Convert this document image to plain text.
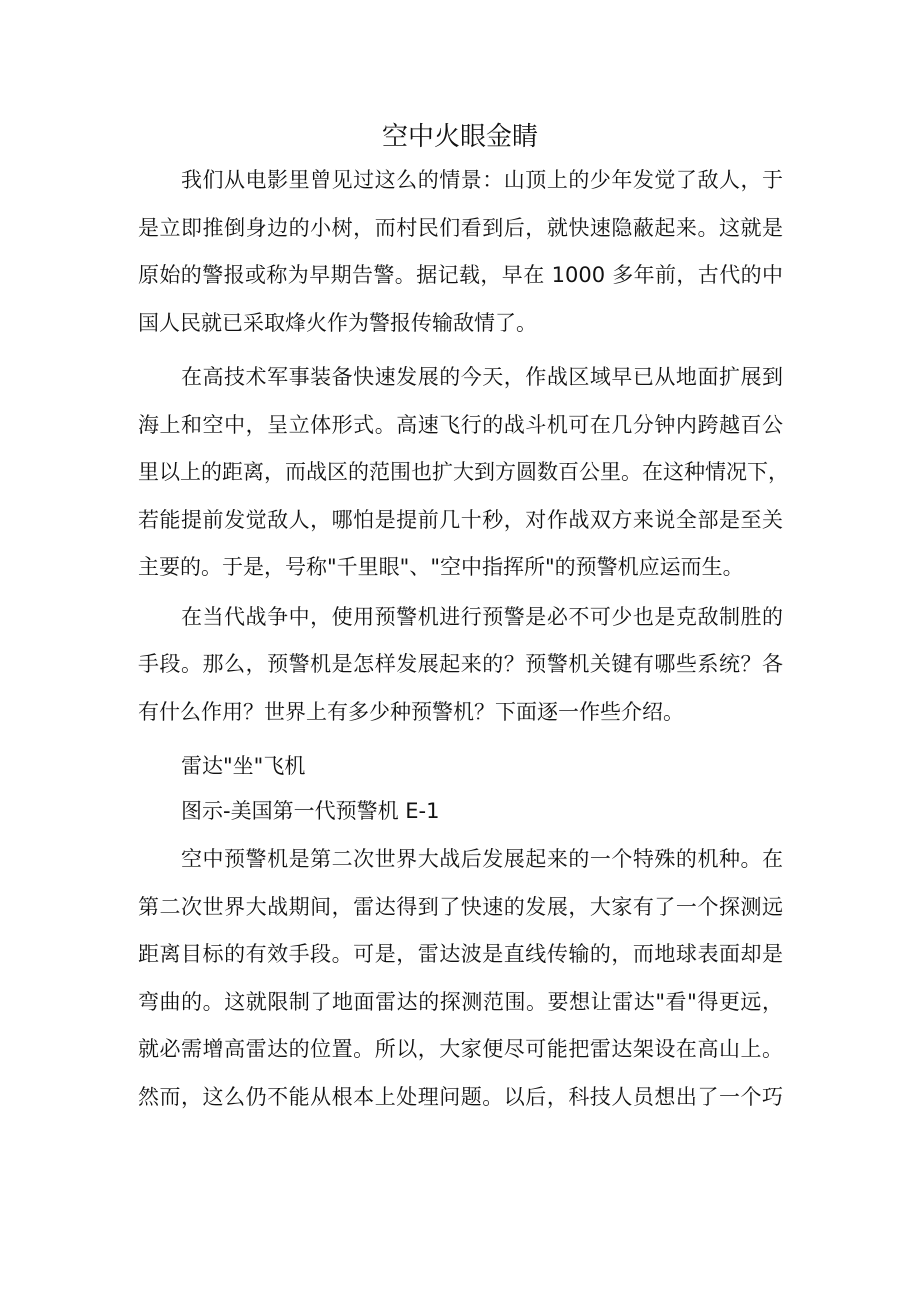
空中火眼金睛
我们从电影里曾见过这么的情景：山顶上的少年发觉了敌人，于
是立即推倒身边的小树，而村民们看到后，就快速隐蔽起来。这就是
原始的警报或称为早期告警。据记载，早在 1000 多年前，古代的中
国人民就已采取烽火作为警报传输敌情了。
在高技术军事装备快速发展的今天，作战区域早已从地面扩展到
海上和空中，呈立体形式。高速飞行的战斗机可在几分钟内跨越百公
里以上的距离，而战区的范围也扩大到方圆数百公里。在这种情况下，
若能提前发觉敌人，哪怕是提前几十秒，对作战双方来说全部是至关
主要的。于是，号称"千里眼"、"空中指挥所"的预警机应运而生。
在当代战争中，使用预警机进行预警是必不可少也是克敌制胜的
手段。那么，预警机是怎样发展起来的？预警机关键有哪些系统？各
有什么作用？世界上有多少种预警机？下面逐一作些介绍。
雷达"坐"飞机
图示-美国第一代预警机 E-1
空中预警机是第二次世界大战后发展起来的一个特殊的机种。在
第二次世界大战期间，雷达得到了快速的发展，大家有了一个探测远
距离目标的有效手段。可是，雷达波是直线传输的，而地球表面却是
弯曲的。这就限制了地面雷达的探测范围。要想让雷达"看"得更远，
就必需增高雷达的位置。所以，大家便尽可能把雷达架设在高山上。
然而，这么仍不能从根本上处理问题。以后，科技人员想出了一个巧
